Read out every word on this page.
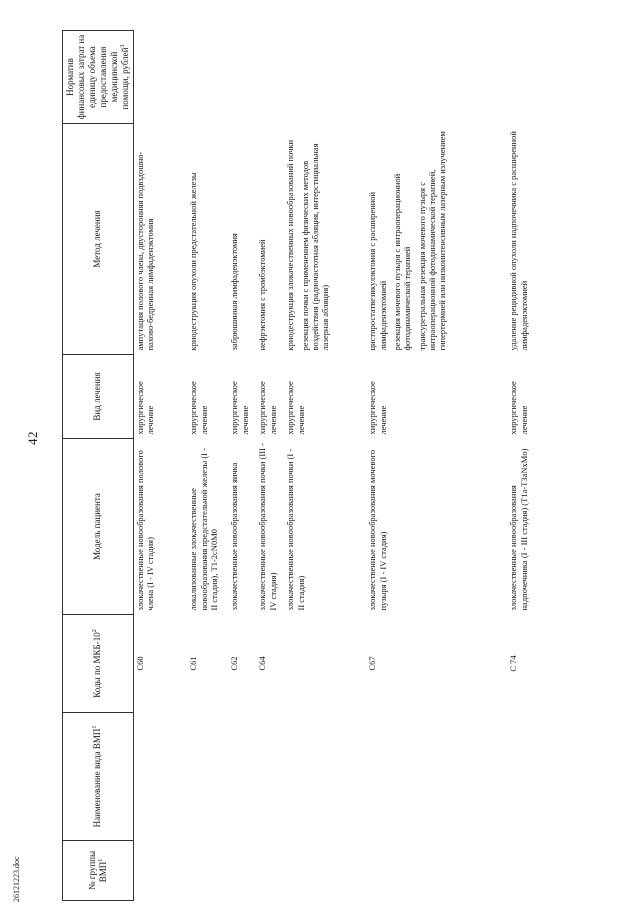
42
26121223.doc	№ группы ВМП$^1$	Наименование вида ВМП$^1$	Коды по МКБ-$10^2$	Модель пациента	Вид лечения	Метод лечения	Норматив финансовых затрат на единицу объема предоставления медицинской помощи, рублей$^3$
		C60	злокачественные новообразования полового члена (I - IV стадия)	хирургическое лечение	ампутация полового члена, двусторонняя подвздошно-пахово-бедренная лимфаденэктомия	

		C61	локализованные злокачественные новообразования предстательной железы (I - II стадия), Т1-2cN0M0	хирургическое лечение	криодеструкция опухоли предстательной железы	

		C62	злокачественные новообразования яичка	хирургическое лечение	забрюшинная лимфаденэктомия	

		C64	злокачественные новообразования почки (III - IV стадия)	хирургическое лечение	нефрэктомия с тромбэктомией	

			злокачественные новообразования почки (I - II стадия)	хирургическое лечение	криодеструкция злокачественных новообразований почки резекция почки с применением физических методов воздействия (радиочастотная абляция, интерстициальная лазерная абляция)	

		C67	злокачественные новообразования мочевого пузыря (I - IV стадия)	хирургическое лечение	цистпростатвезикулэктомия с расширенной лимфаденэктомией резекция мочевого пузыря с интраоперационной фотодинамической терапией трансуретральная резекция мочевого пузыря с интраоперационной фотодинамической терапией, гипертермией или низкоинтенсивным лазерным излучением	

		C 74	злокачественные новообразования надпочечника (I - III стадия) (T1a-T3aNxMo)	хирургическое лечение	удаление рецидивной опухоли надпочечника с расширенной лимфаденэктомией	
